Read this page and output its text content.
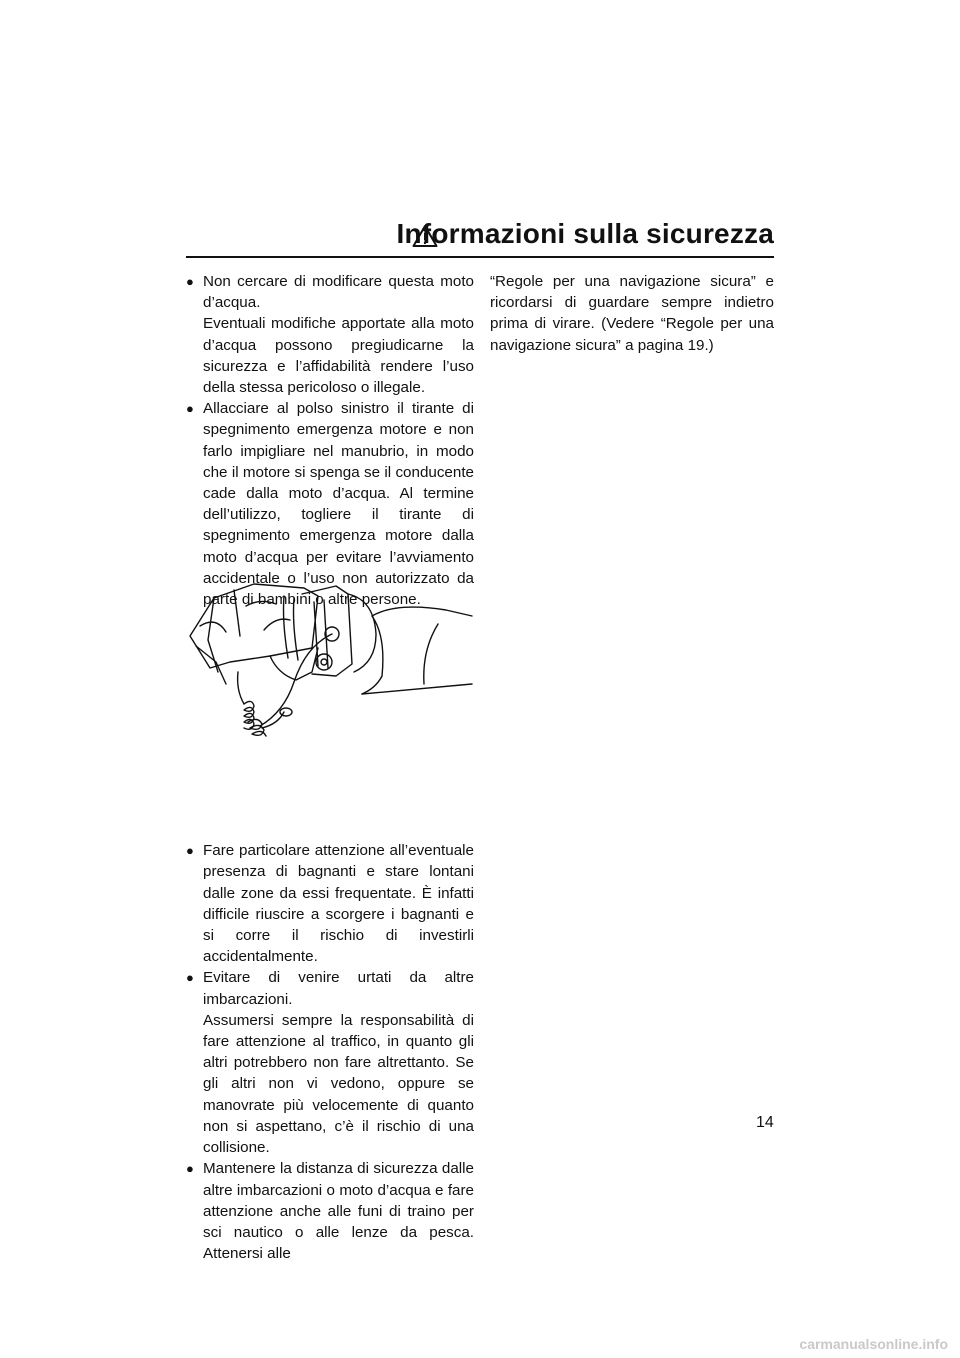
Informazioni sulla sicurezza
● Non cercare di modificare questa moto d’acqua.

Eventuali modifiche apportate alla moto d’acqua possono pregiudicarne la sicurezza e l’affidabilità rendere l’uso della stessa pericoloso o illegale.

● Allacciare al polso sinistro il tirante di spegnimento emergenza motore e non farlo impigliare nel manubrio, in modo che il motore si spenga se il conducente cade dalla moto d’acqua. Al termine dell’utilizzo, togliere il tirante di spegnimento emergenza motore dalla moto d’acqua per evitare l’avviamento accidentale o l’uso non autorizzato da parte di bambini o altre persone.

● Fare particolare attenzione all’eventuale presenza di bagnanti e stare lontani dalle zone da essi frequentate. È infatti difficile riuscire a scorgere i bagnanti e si corre il rischio di investirli accidentalmente.

● Evitare di venire urtati da altre imbarcazioni.

Assumersi sempre la responsabilità di fare attenzione al traffico, in quanto gli altri potrebbero non fare altrettanto. Se gli altri non vi vedono, oppure se manovrate più velocemente di quanto non si aspettano, c’è il rischio di una collisione.

● Mantenere la distanza di sicurezza dalle altre imbarcazioni o moto d’acqua e fare attenzione anche alle funi di traino per sci nautico o alle lenze da pesca. Attenersi alle

“Regole per una navigazione sicura” e ricordarsi di guardare sempre indietro prima di virare. (Vedere “Regole per una navigazione sicura” a pagina 19.)

14
carmanualsonline.info
